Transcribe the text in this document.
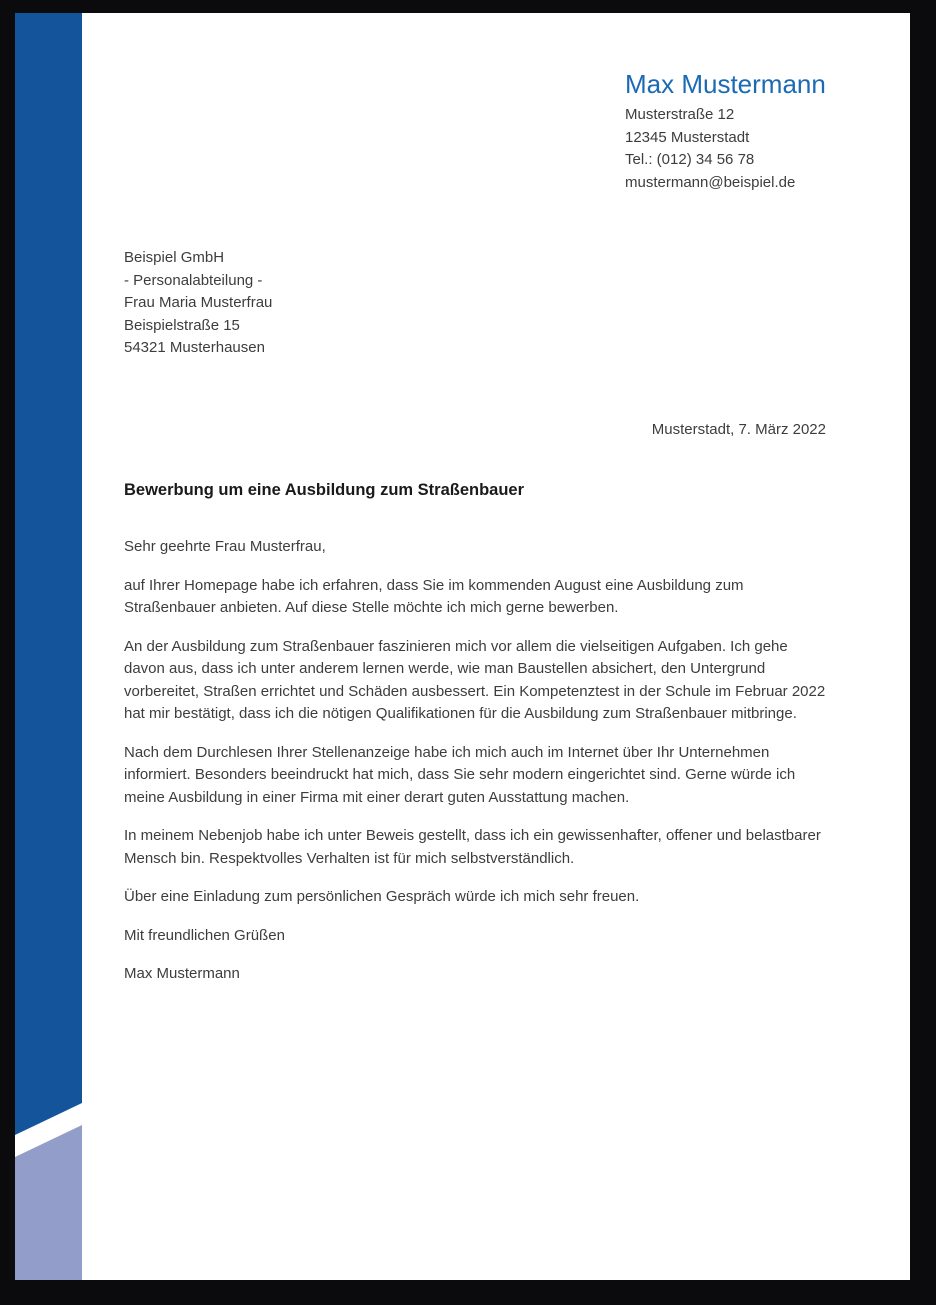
Max Mustermann
Musterstraße 12
12345 Musterstadt
Tel.: (012) 34 56 78
mustermann@beispiel.de
Beispiel GmbH
- Personalabteilung -
Frau Maria Musterfrau
Beispielstraße 15
54321 Musterhausen
Musterstadt, 7. März 2022
Bewerbung um eine Ausbildung zum Straßenbauer

Sehr geehrte Frau Musterfrau,

auf Ihrer Homepage habe ich erfahren, dass Sie im kommenden August eine Ausbildung zum Straßenbauer anbieten. Auf diese Stelle möchte ich mich gerne bewerben.

An der Ausbildung zum Straßenbauer faszinieren mich vor allem die vielseitigen Aufgaben. Ich gehe davon aus, dass ich unter anderem lernen werde, wie man Baustellen absichert, den Untergrund vorbereitet, Straßen errichtet und Schäden ausbessert. Ein Kompetenztest in der Schule im Februar 2022 hat mir bestätigt, dass ich die nötigen Qualifikationen für die Ausbildung zum Straßenbauer mitbringe.

Nach dem Durchlesen Ihrer Stellenanzeige habe ich mich auch im Internet über Ihr Unternehmen informiert. Besonders beeindruckt hat mich, dass Sie sehr modern eingerichtet sind. Gerne würde ich meine Ausbildung in einer Firma mit einer derart guten Ausstattung machen.

In meinem Nebenjob habe ich unter Beweis gestellt, dass ich ein gewissenhafter, offener und belastbarer Mensch bin. Respektvolles Verhalten ist für mich selbstverständlich.

Über eine Einladung zum persönlichen Gespräch würde ich mich sehr freuen.

Mit freundlichen Grüßen

Max Mustermann
